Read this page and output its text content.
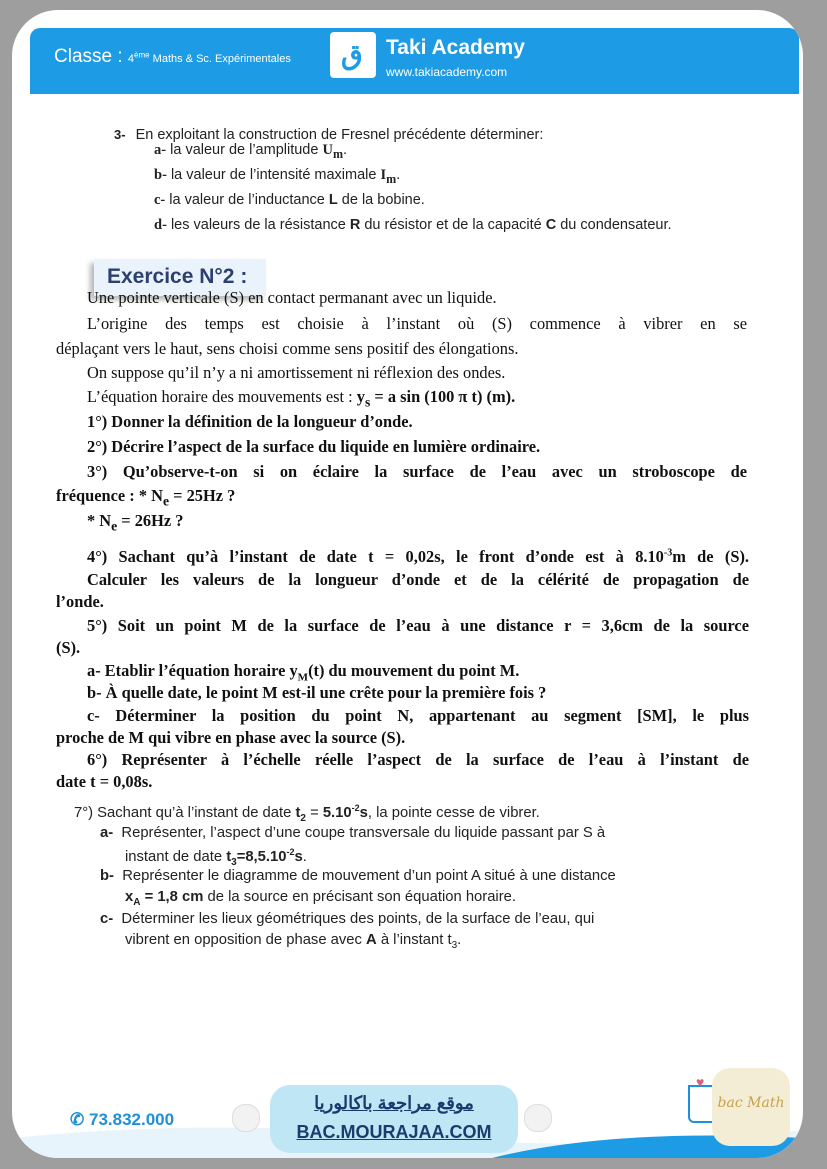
Classe : 4ème Maths & Sc. Expérimentales ق Taki Academy
www.takiacademy.com
3- En exploitant la construction de Fresnel précédente déterminer:
a- la valeur de l’amplitude $U_m$.
b- la valeur de l’intensité maximale $I_m$.
c- la valeur de l’inductance L de la bobine.
d- les valeurs de la résistance R du résistor et de la capacité C du condensateur.
Exercice N°2 :
Une pointe verticale (S) en contact permanant avec un liquide.
L’origine des temps est choisie à l’instant où (S) commence à vibrer en se
déplaçant vers le haut, sens choisi comme sens positif des élongations.
On suppose qu’il n’y a ni amortissement ni réflexion des ondes.
L’équation horaire des mouvements est : $y_s = a$ sin (100 π t) (m).
1°) Donner la définition de la longueur d’onde.
2°) Décrire l’aspect de la surface du liquide en lumière ordinaire.
3°) Qu’observe-t-on si on éclaire la surface de l’eau avec un stroboscope de
fréquence : * $N_e = 25Hz$ ?
* $N_e = 26Hz$ ?
4°) Sachant qu’à l’instant de date t = 0,02s, le front d’onde est à $8.10^{-3}m$ de (S).
Calculer les valeurs de la longueur d’onde et de la célérité de propagation de
l’onde.
5°) Soit un point M de la surface de l’eau à une distance r = 3,6cm de la source
(S).
a- Etablir l’équation horaire $y_M(t)$ du mouvement du point M.
b- À quelle date, le point M est-il une crête pour la première fois ?
c- Déterminer la position du point N, appartenant au segment [SM], le plus
proche de M qui vibre en phase avec la source (S).
6°) Représenter à l’échelle réelle l’aspect de la surface de l’eau à l’instant de
date t = 0,08s.
7°) Sachant qu’à l’instant de date $t_2 = 5.10^{-2}s$, la pointe cesse de vibrer.
a- Représenter, l’aspect d’une coupe transversale du liquide passant par S à
instant de date $t_3=8,5.10^{-2}s$.
b- Représenter le diagramme de mouvement d’un point A situé à une distance
$x_A = 1,8$ cm de la source en précisant son équation horaire.
c- Déterminer les lieux géométriques des points, de la surface de l’eau, qui
vibrent en opposition de phase avec A à l’instant $t_3$.
✆ 73.832.000
موقع مراجعة باكالوريا
BAC.MOURAJAA.COM
♥
bac Math
